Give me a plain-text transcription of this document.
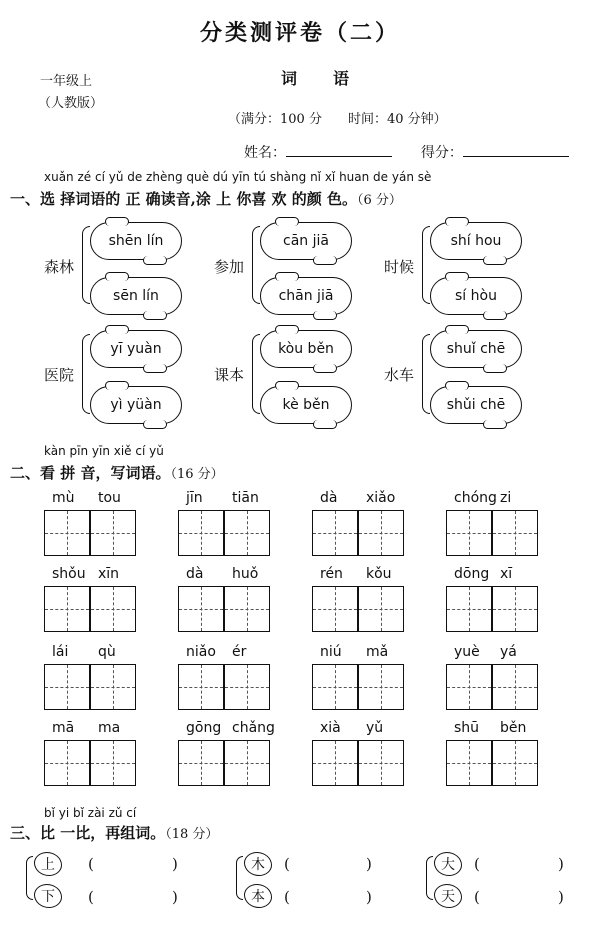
分类测评卷（二）
一年级上
（人教版）
词　语
（满分：100 分　　时间：40 分钟）
姓名：	得分：
xuǎn zé cí yǔ de zhèng què dú yīn tú shàng nǐ xǐ huan de yán sè
一、选 择词语的 正 确读音,涂 上 你喜 欢 的颜 色。（6 分）
森林
shēn lín
sēn lín
参加
cān jiā
chān jiā
时候
shí hou
sí hòu
医院
yī yuàn
yì yüàn
课本
kòu běn
kè běn
水车
shuǐ chē
shǔi chē
kàn pīn yīn xiě cí yǔ
二、看 拼 音，写词语。（16 分）
mù tou	jīn tiān	dà xiǎo	chóng zi
shǒu xīn	dà huǒ	rén kǒu	dōng xī
lái qù	niǎo ér	niú mǎ	yuè yá
mā ma	gōng chǎng	xià yǔ	shū běn
bǐ yi bǐ zài zǔ cí
三、比 一比，再组词。（18 分）
上	(	)
下	(	)
木	(	)
本	(	)
大	(	)
天	(	)
